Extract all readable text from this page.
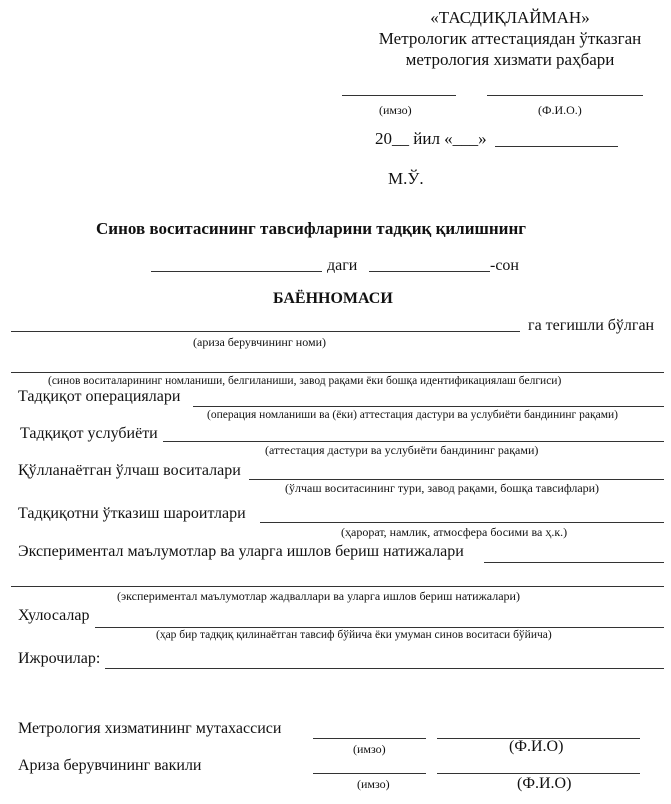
«ТАСДИҚЛАЙМАН»
Метрологик аттестациядан ўтказган
метрология хизмати раҳбари
(имзо)	(Ф.И.О.)
20__ йил «___»
М.Ў.
Синов воситасининг тавсифларини тадқиқ қилишнинг
даги	-сон
БАЁННОМАСИ
га тегишли бўлган
(ариза берувчининг номи)
(синов воситаларининг номланиши, белгиланиши, завод рақами ёки бошқа идентификациялаш белгиси)
Тадқиқот операциялари
(операция номланиши ва (ёки) аттестация дастури ва услубиёти бандининг рақами)
Тадқиқот услубиёти
(аттестация дастури ва услубиёти бандининг рақами)
Қўлланаётган ўлчаш воситалари
(ўлчаш воситасининг тури, завод рақами, бошқа тавсифлари)
Тадқиқотни ўтказиш шароитлари
(ҳарорат, намлик, атмосфера босими ва ҳ.к.)
Экспериментал маълумотлар ва уларга ишлов бериш натижалари
(экспериментал маълумотлар жадваллари ва уларга ишлов бериш натижалари)
Хулосалар
(ҳар бир тадқиқ қилинаётган тавсиф бўйича ёки умуман синов воситаси бўйича)
Ижрочилар:
Метрология хизматининг мутахассиси
(имзо)	(Ф.И.О)
Ариза берувчининг вакили
(имзо)	(Ф.И.О)
